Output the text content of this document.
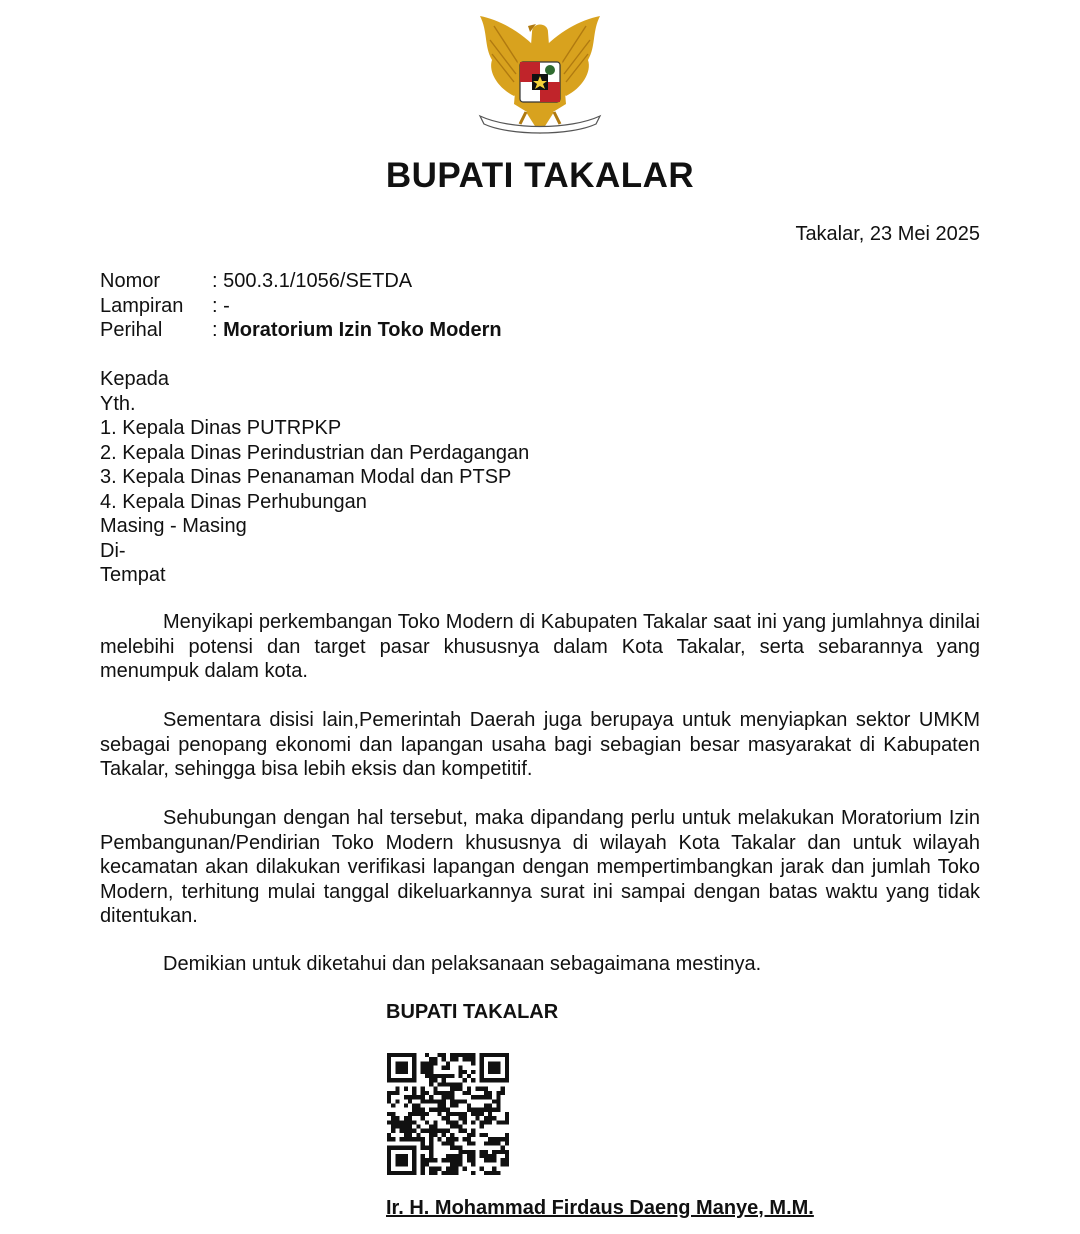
BUPATI TAKALAR
Takalar, 23 Mei 2025
Nomor	: 500.3.1/1056/SETDA
Lampiran	: -
Perihal	: Moratorium Izin Toko Modern
Kepada
Yth.
1. Kepala Dinas PUTRPKP
2. Kepala Dinas Perindustrian dan Perdagangan
3. Kepala Dinas Penanaman Modal dan PTSP
4. Kepala Dinas Perhubungan
Masing - Masing
Di-
Tempat
Menyikapi perkembangan Toko Modern di Kabupaten Takalar saat ini yang jumlahnya dinilai melebihi potensi dan target pasar khususnya dalam Kota Takalar, serta sebarannya yang menumpuk dalam kota.
Sementara disisi lain,Pemerintah Daerah juga berupaya untuk menyiapkan sektor UMKM sebagai penopang ekonomi dan lapangan usaha bagi sebagian besar masyarakat di Kabupaten Takalar, sehingga bisa lebih eksis dan kompetitif.
Sehubungan dengan hal tersebut, maka dipandang perlu untuk melakukan Moratorium Izin Pembangunan/Pendirian Toko Modern khususnya di wilayah Kota Takalar dan untuk wilayah kecamatan akan dilakukan verifikasi lapangan dengan mempertimbangkan jarak dan jumlah Toko Modern, terhitung mulai tanggal dikeluarkannya surat ini sampai dengan batas waktu yang tidak ditentukan.
Demikian untuk diketahui dan pelaksanaan sebagaimana mestinya.
BUPATI TAKALAR
Ir. H. Mohammad Firdaus Daeng Manye, M.M.
